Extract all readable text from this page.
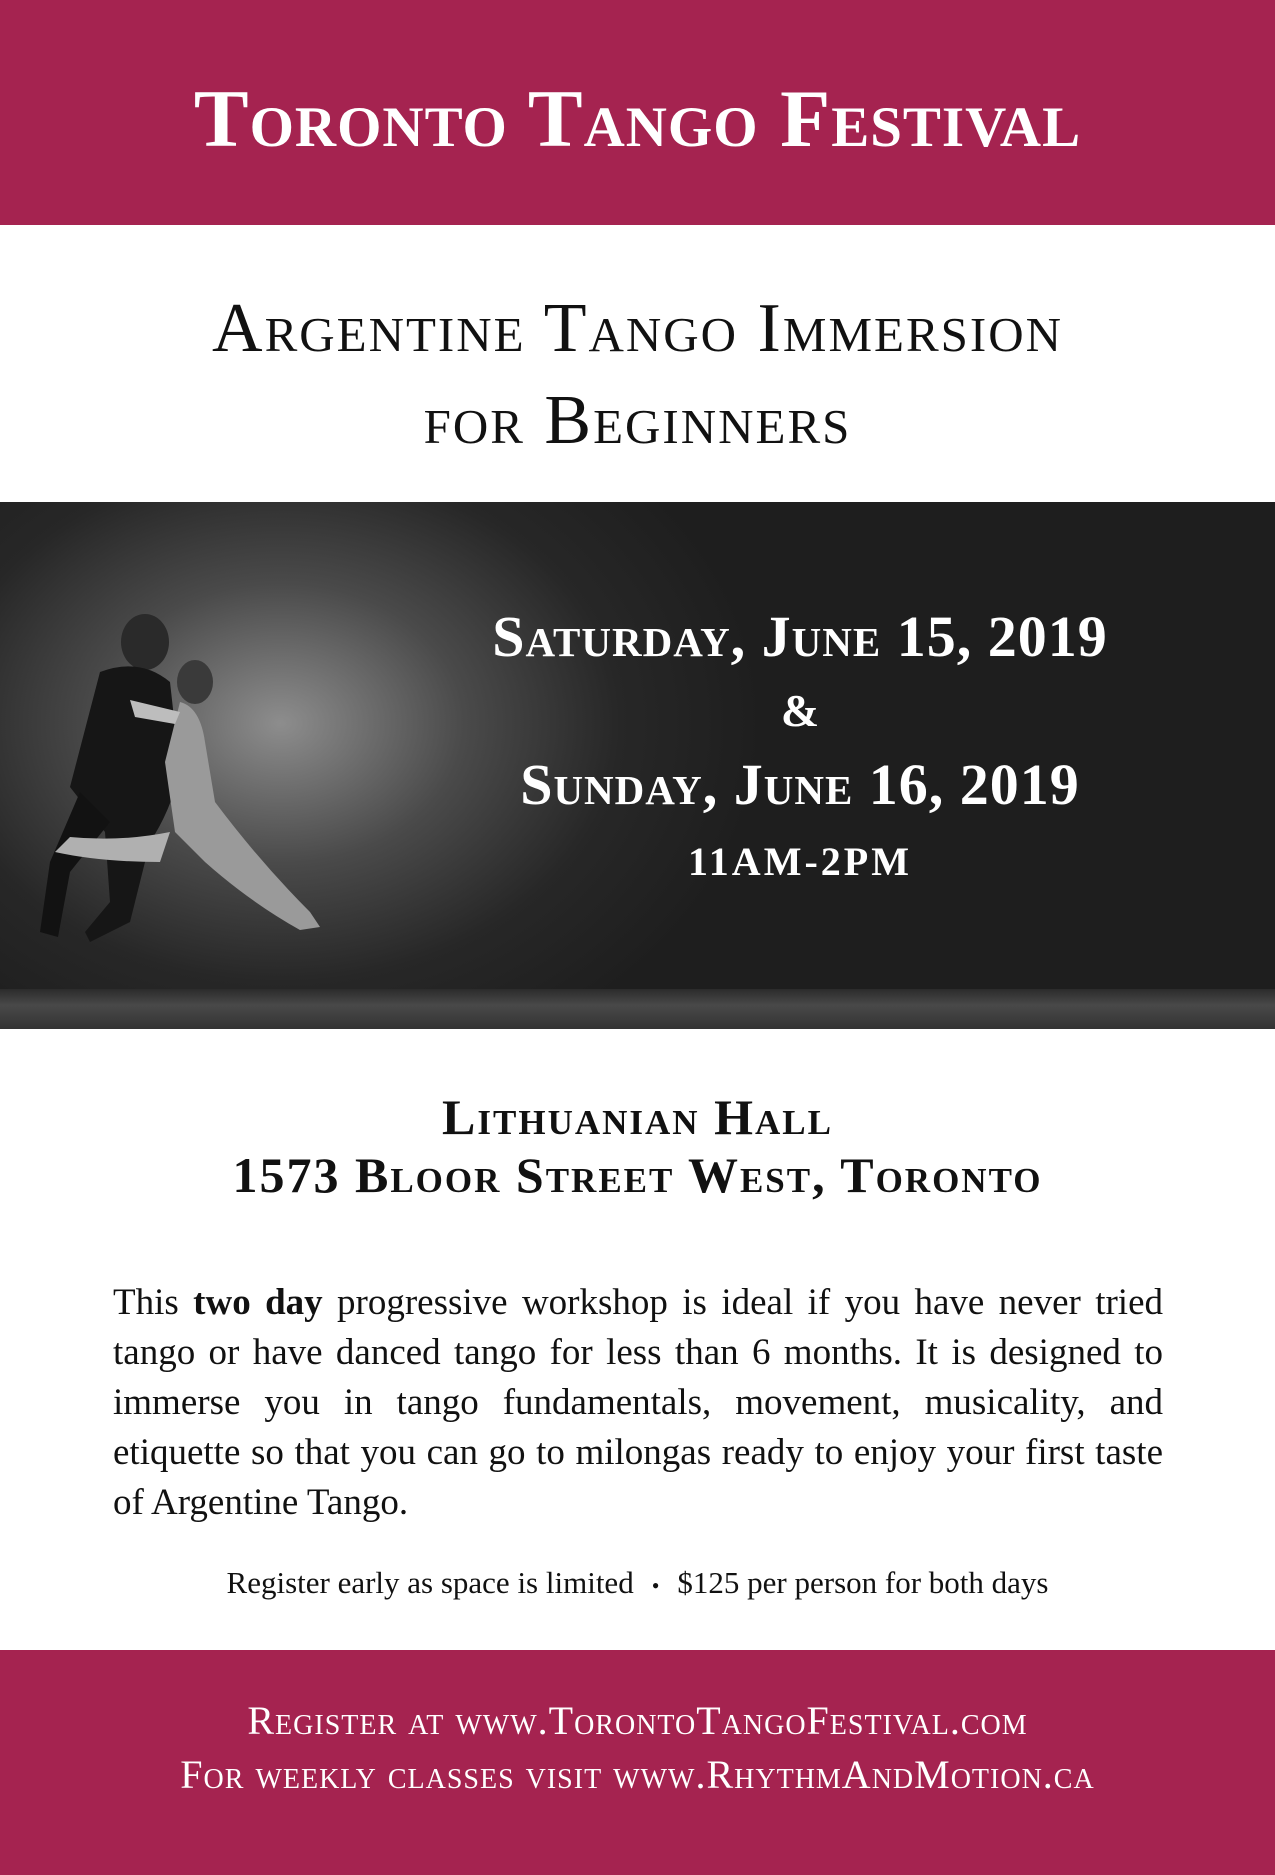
Toronto Tango Festival
Argentine Tango Immersion
for Beginners

Saturday, June 15, 2019

&

Sunday, June 16, 2019

11AM-2PM
Lithuanian Hall
1573 Bloor Street West, Toronto

This two day progressive workshop is ideal if you have never tried tango or have danced tango for less than 6 months. It is designed to immerse you in tango fundamentals, movement, musicality, and etiquette so that you can go to milongas ready to enjoy your first taste of Argentine Tango.

Register early as space is limited • $125 per person for both days

Register at www.TorontoTangoFestival.com

For weekly classes visit www.RhythmAndMotion.ca
